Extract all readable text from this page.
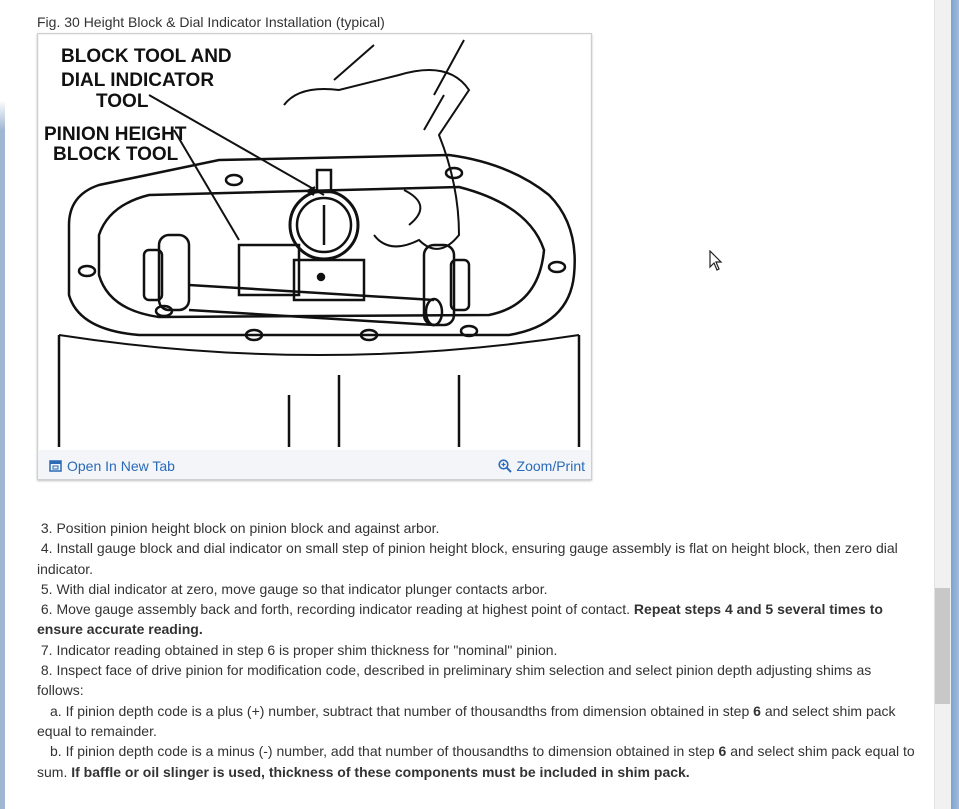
Fig. 30 Height Block & Dial Indicator Installation (typical)
BLOCK TOOL AND
DIAL INDICATOR
TOOL
PINION HEIGHT
BLOCK TOOL
Open In New Tab	Zoom/Print

3. Position pinion height block on pinion block and against arbor.

4. Install gauge block and dial indicator on small step of pinion height block, ensuring gauge assembly is flat on height block, then zero dial indicator.

5. With dial indicator at zero, move gauge so that indicator plunger contacts arbor.

6. Move gauge assembly back and forth, recording indicator reading at highest point of contact. Repeat steps 4 and 5 several times to ensure accurate reading.

7. Indicator reading obtained in step 6 is proper shim thickness for "nominal" pinion.

8. Inspect face of drive pinion for modification code, described in preliminary shim selection and select pinion depth adjusting shims as follows:

a. If pinion depth code is a plus (+) number, subtract that number of thousandths from dimension obtained in step 6 and select shim pack equal to remainder.

b. If pinion depth code is a minus (-) number, add that number of thousandths to dimension obtained in step 6 and select shim pack equal to sum. If baffle or oil slinger is used, thickness of these components must be included in shim pack.
